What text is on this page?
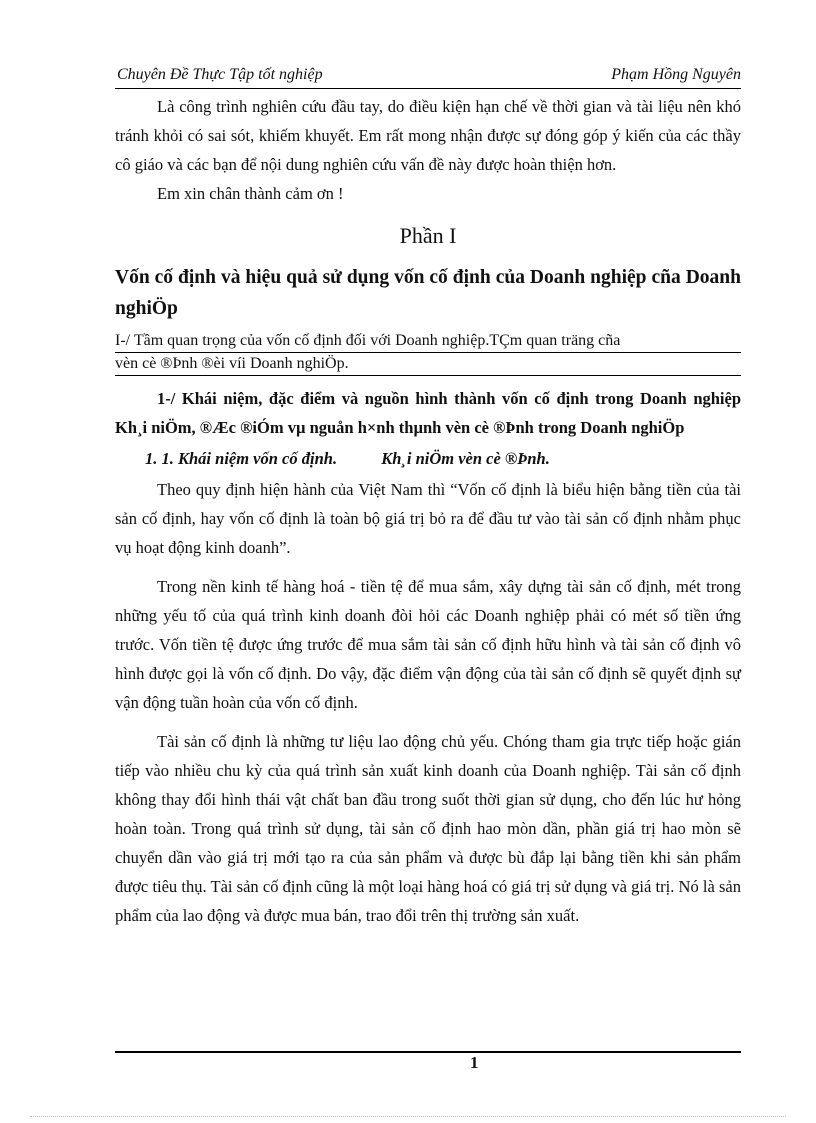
Chuyên Đề Thực Tập tốt nghiệp	Phạm Hồng Nguyên

Là công trình nghiên cứu đầu tay, do điều kiện hạn chế về thời gian và tài liệu nên khó tránh khỏi có sai sót, khiếm khuyết. Em rất mong nhận được sự đóng góp ý kiến của các thầy cô giáo và các bạn để nội dung nghiên cứu vấn đề này được hoàn thiện hơn.

Em xin chân thành cảm ơn !

Phần I
Vốn cố định và hiệu quả sử dụng vốn cố định của Doanh nghiệp cña Doanh nghiÖp
I-/ Tầm quan trọng của vốn cố định đối với Doanh nghiệp.TÇm quan träng cña
vèn cè ®Þnh ®èi víi Doanh nghiÖp.

1-/ Khái niệm, đặc điểm và nguồn hình thành vốn cố định trong Doanh nghiệp Kh¸i niÖm, ®Æc ®iÓm vµ nguån h×nh thµnh vèn cè ®Þnh trong Doanh nghiÖp

1. 1. Khái niệm vốn cố định.	Kh¸i niÖm vèn cè ®Þnh.

Theo quy định hiện hành của Việt Nam thì “Vốn cố định là biểu hiện bằng tiền của tài sản cố định, hay vốn cố định là toàn bộ giá trị bỏ ra để đầu tư vào tài sản cố định nhằm phục vụ hoạt động kinh doanh”.

Trong nền kinh tế hàng hoá - tiền tệ để mua sắm, xây dựng tài sản cố định, mét trong những yếu tố của quá trình kinh doanh đòi hỏi các Doanh nghiệp phải có mét số tiền ứng trước. Vốn tiền tệ được ứng trước để mua sắm tài sản cố định hữu hình và tài sản cố định vô hình được gọi là vốn cố định. Do vậy, đặc điểm vận động của tài sản cố định sẽ quyết định sự vận động tuần hoàn của vốn cố định.

Tài sản cố định là những tư liệu lao động chủ yếu. Chóng tham gia trực tiếp hoặc gián tiếp vào nhiều chu kỳ của quá trình sản xuất kinh doanh của Doanh nghiệp. Tài sản cố định không thay đổi hình thái vật chất ban đầu trong suốt thời gian sử dụng, cho đến lúc hư hỏng hoàn toàn. Trong quá trình sử dụng, tài sản cố định hao mòn dần, phần giá trị hao mòn sẽ chuyển dần vào giá trị mới tạo ra của sản phẩm và được bù đắp lại bằng tiền khi sản phẩm được tiêu thụ. Tài sản cố định cũng là một loại hàng hoá có giá trị sử dụng và giá trị. Nó là sản phẩm của lao động và được mua bán, trao đổi trên thị trường sản xuất.

1
